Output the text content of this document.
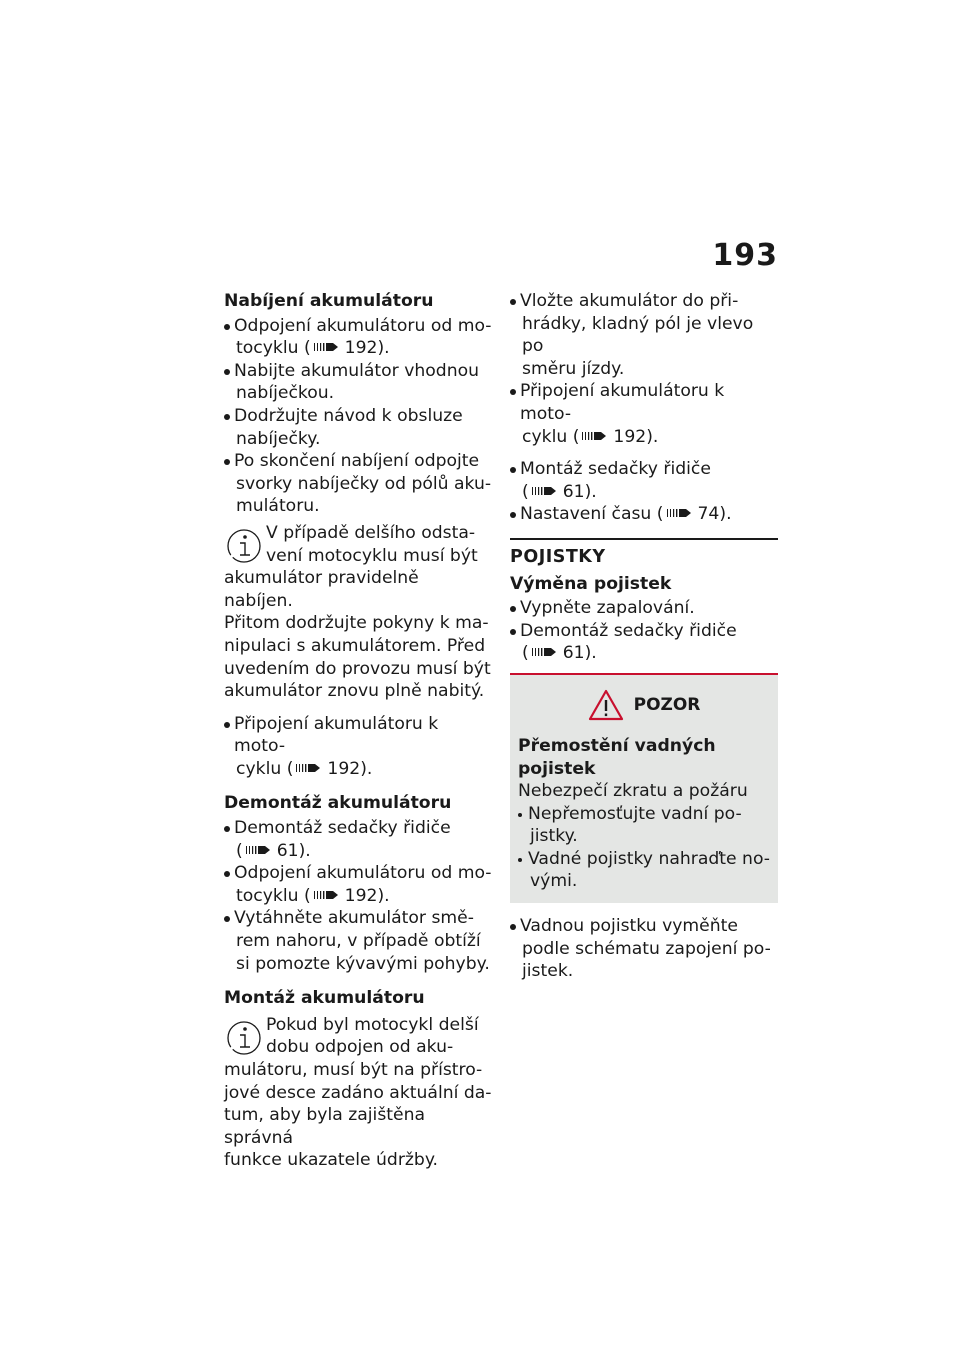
193
Nabíjení akumulátoru
Odpojení akumulátoru od mo-
tocyklu ( 192).
Nabijte akumulátor vhodnou
nabíječkou.
Dodržujte návod k obsluze
nabíječky.
Po skončení nabíjení odpojte
svorky nabíječky od pólů aku-
mulátoru.
V případě delšího odsta-
vení motocyklu musí být
akumulátor pravidelně nabíjen.
Přitom dodržujte pokyny k ma-
nipulaci s akumulátorem. Před
uvedením do provozu musí být
akumulátor znovu plně nabitý.
Připojení akumulátoru k moto-
cyklu ( 192).
Demontáž akumulátoru
Demontáž sedačky řidiče
( 61).
Odpojení akumulátoru od mo-
tocyklu ( 192).
Vytáhněte akumulátor smě-
rem nahoru, v případě obtíží
si pomozte kývavými pohyby.
Montáž akumulátoru
Pokud byl motocykl delší
dobu odpojen od aku-
mulátoru, musí být na přístro-
jové desce zadáno aktuální da-
tum, aby byla zajištěna správná
funkce ukazatele údržby.
Vložte akumulátor do při-
hrádky, kladný pól je vlevo po
směru jízdy.
Připojení akumulátoru k moto-
cyklu ( 192).
Montáž sedačky řidiče
( 61).
Nastavení času ( 74).
POJISTKY
Výměna pojistek
Vypněte zapalování.
Demontáž sedačky řidiče
( 61).
POZOR
Přemostění vadných pojistek
Nebezpečí zkratu a požáru
Nepřemosťujte vadní po-
jistky.
Vadné pojistky nahraďte no-
vými.
Vadnou pojistku vyměňte
podle schématu zapojení po-
jistek.
